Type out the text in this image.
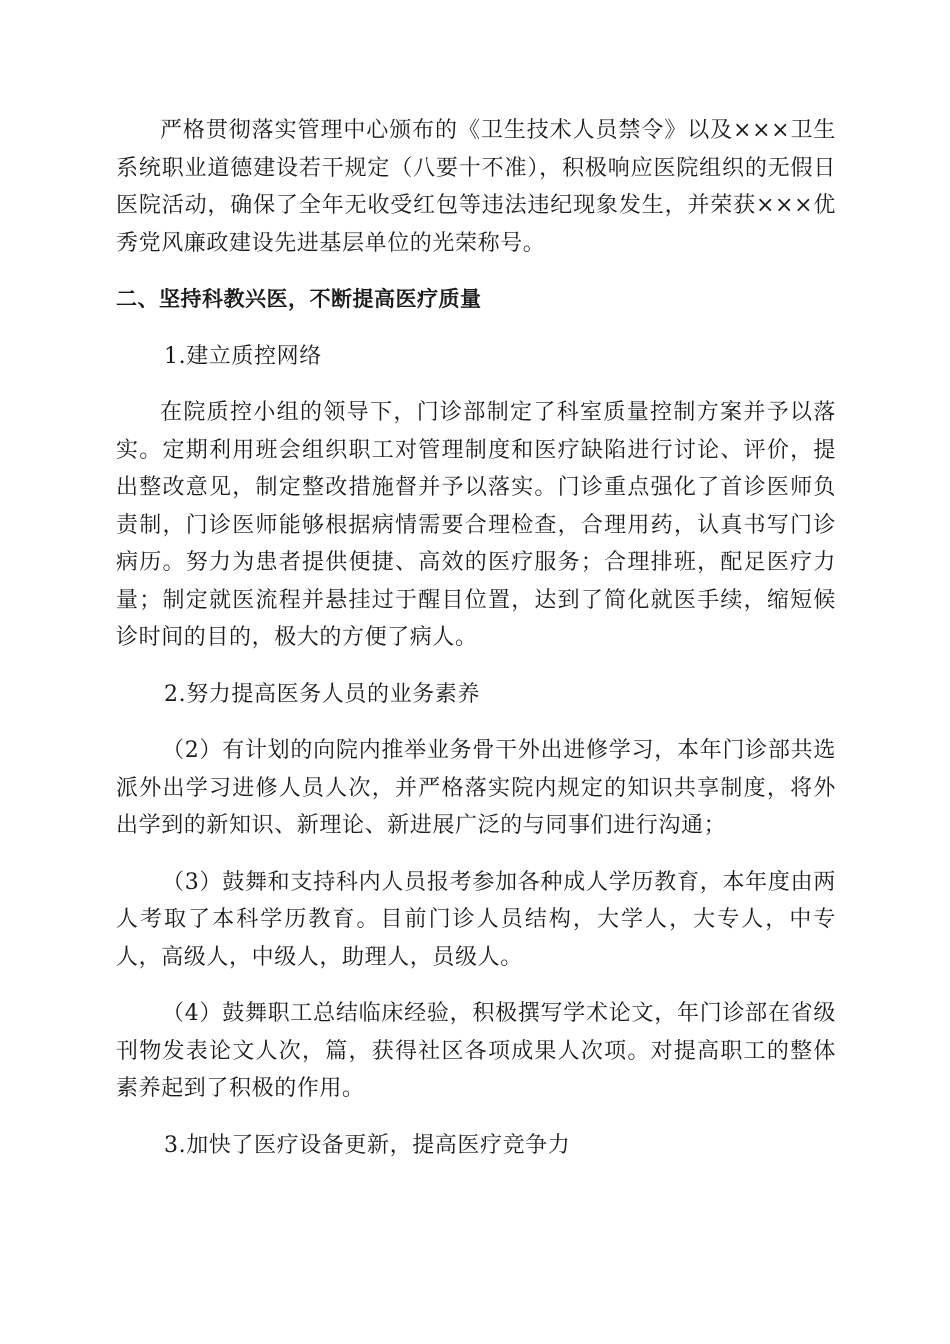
严格贯彻落实管理中心颁布的《卫生技术人员禁令》以及×××卫生系统职业道德建设若干规定（八要十不准），积极响应医院组织的无假日医院活动，确保了全年无收受红包等违法违纪现象发生，并荣获×××优秀党风廉政建设先进基层单位的光荣称号。

二、坚持科教兴医，不断提高医疗质量
1.建立质控网络

在院质控小组的领导下，门诊部制定了科室质量控制方案并予以落实。定期利用班会组织职工对管理制度和医疗缺陷进行讨论、评价，提出整改意见，制定整改措施督并予以落实。门诊重点强化了首诊医师负责制，门诊医师能够根据病情需要合理检查，合理用药，认真书写门诊病历。努力为患者提供便捷、高效的医疗服务；合理排班，配足医疗力量；制定就医流程并悬挂过于醒目位置，达到了简化就医手续，缩短候诊时间的目的，极大的方便了病人。

2.努力提高医务人员的业务素养

（2）有计划的向院内推举业务骨干外出进修学习，本年门诊部共选派外出学习进修人员人次，并严格落实院内规定的知识共享制度，将外出学到的新知识、新理论、新进展广泛的与同事们进行沟通；

（3）鼓舞和支持科内人员报考参加各种成人学历教育，本年度由两人考取了本科学历教育。目前门诊人员结构，大学人，大专人，中专人，高级人，中级人，助理人，员级人。

（4）鼓舞职工总结临床经验，积极撰写学术论文，年门诊部在省级刊物发表论文人次，篇，获得社区各项成果人次项。对提高职工的整体素养起到了积极的作用。

3.加快了医疗设备更新，提高医疗竞争力
